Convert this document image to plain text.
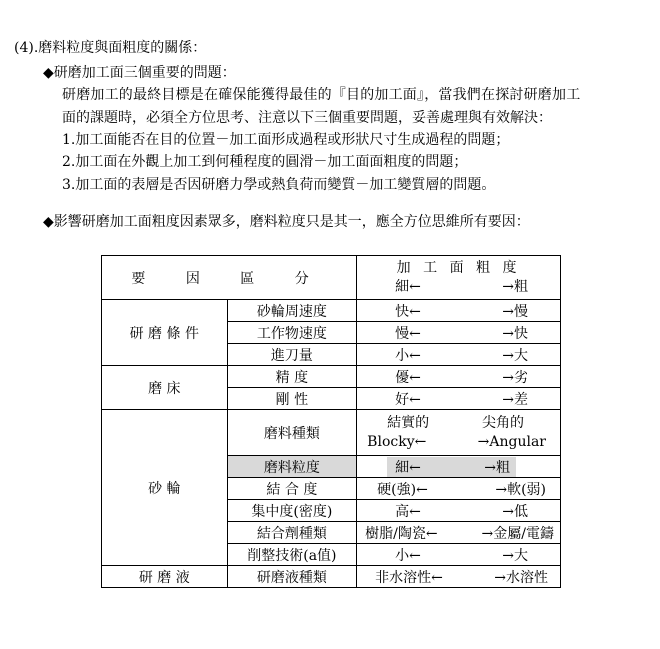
(4).磨料粒度與面粗度的關係：
◆研磨加工面三個重要的問題：
研磨加工的最終目標是在確保能獲得最佳的『目的加工面』，當我們在探討研磨加工
面的課題時，必須全方位思考、注意以下三個重要問題，妥善處理與有效解決：
1.加工面能否在目的位置－加工面形成過程或形狀尺寸生成過程的問題；
2.加工面在外觀上加工到何種程度的圓滑－加工面面粗度的問題；
3.加工面的表層是否因研磨力學或熱負荷而變質－加工變質層的問題。
◆影響研磨加工面粗度因素眾多，磨料粒度只是其一，應全方位思維所有要因：
要 因 區 分		加 工 面 粗 度
細← →粗

研 磨 條 件	砂輪周速度	快← →慢

	工作物速度	慢← →快

	進刀量	小← →大

磨 床	精 度	優← →劣

	剛 性	好← →差

砂 輪	磨料種類	結實的 尖角的
Blocky← →Angular

	磨料粒度	細← →粗

	結 合 度	硬(強)← →軟(弱)

	集中度(密度)	高← →低

	結合劑種類	樹脂/陶瓷← →金屬/電鑄

	削整技術(a值)	小← →大

研 磨 液	研磨液種類	非水溶性← →水溶性
